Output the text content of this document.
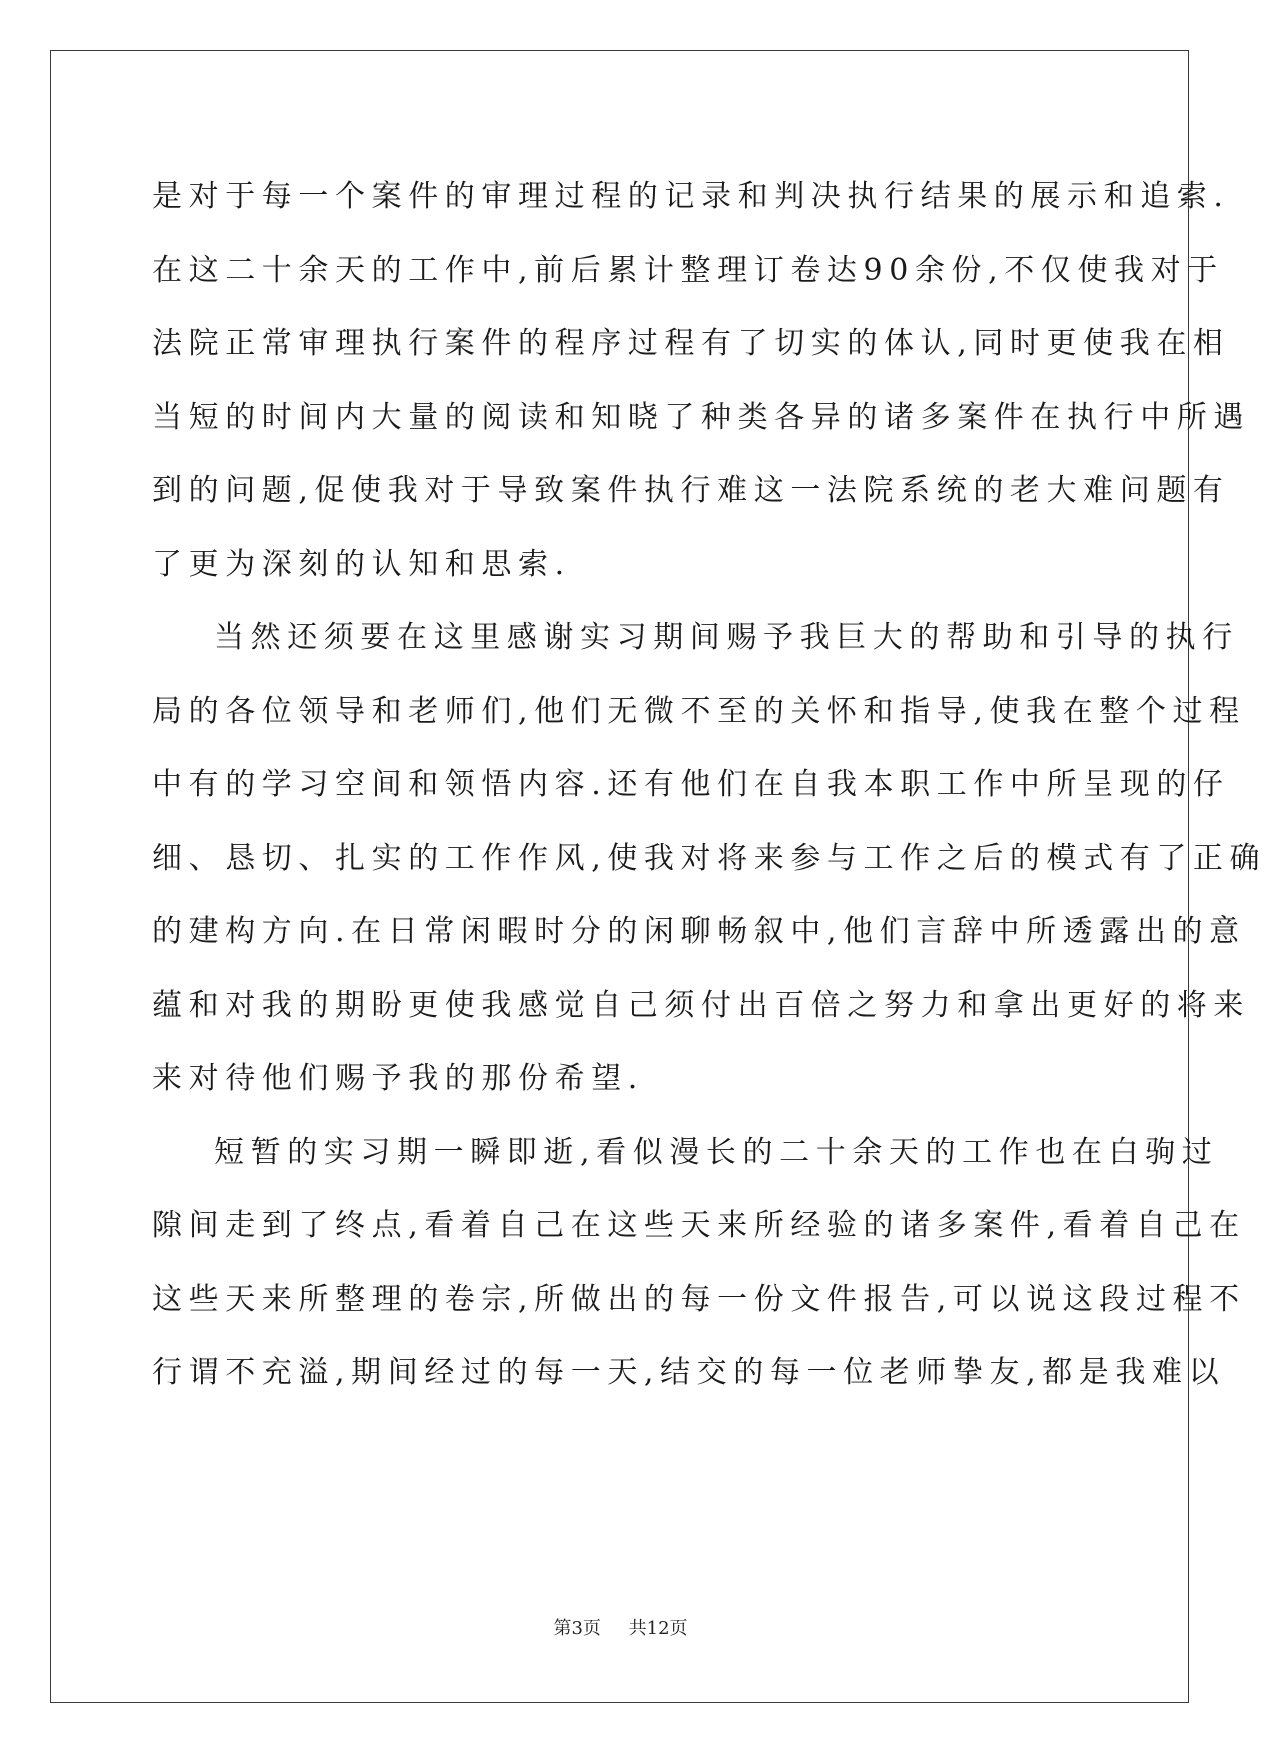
是对于每一个案件的审理过程的记录和判决执行结果的展示和追索.
在这二十余天的工作中,前后累计整理订卷达90余份,不仅使我对于
法院正常审理执行案件的程序过程有了切实的体认,同时更使我在相
当短的时间内大量的阅读和知晓了种类各异的诸多案件在执行中所遇
到的问题,促使我对于导致案件执行难这一法院系统的老大难问题有
了更为深刻的认知和思索.
当然还须要在这里感谢实习期间赐予我巨大的帮助和引导的执行
局的各位领导和老师们,他们无微不至的关怀和指导,使我在整个过程
中有的学习空间和领悟内容.还有他们在自我本职工作中所呈现的仔
细、恳切、扎实的工作作风,使我对将来参与工作之后的模式有了正确
的建构方向.在日常闲暇时分的闲聊畅叙中,他们言辞中所透露出的意
蕴和对我的期盼更使我感觉自己须付出百倍之努力和拿出更好的将来
来对待他们赐予我的那份希望.
短暂的实习期一瞬即逝,看似漫长的二十余天的工作也在白驹过
隙间走到了终点,看着自己在这些天来所经验的诸多案件,看着自己在
这些天来所整理的卷宗,所做出的每一份文件报告,可以说这段过程不
行谓不充溢,期间经过的每一天,结交的每一位老师挚友,都是我难以
第3页 共12页
